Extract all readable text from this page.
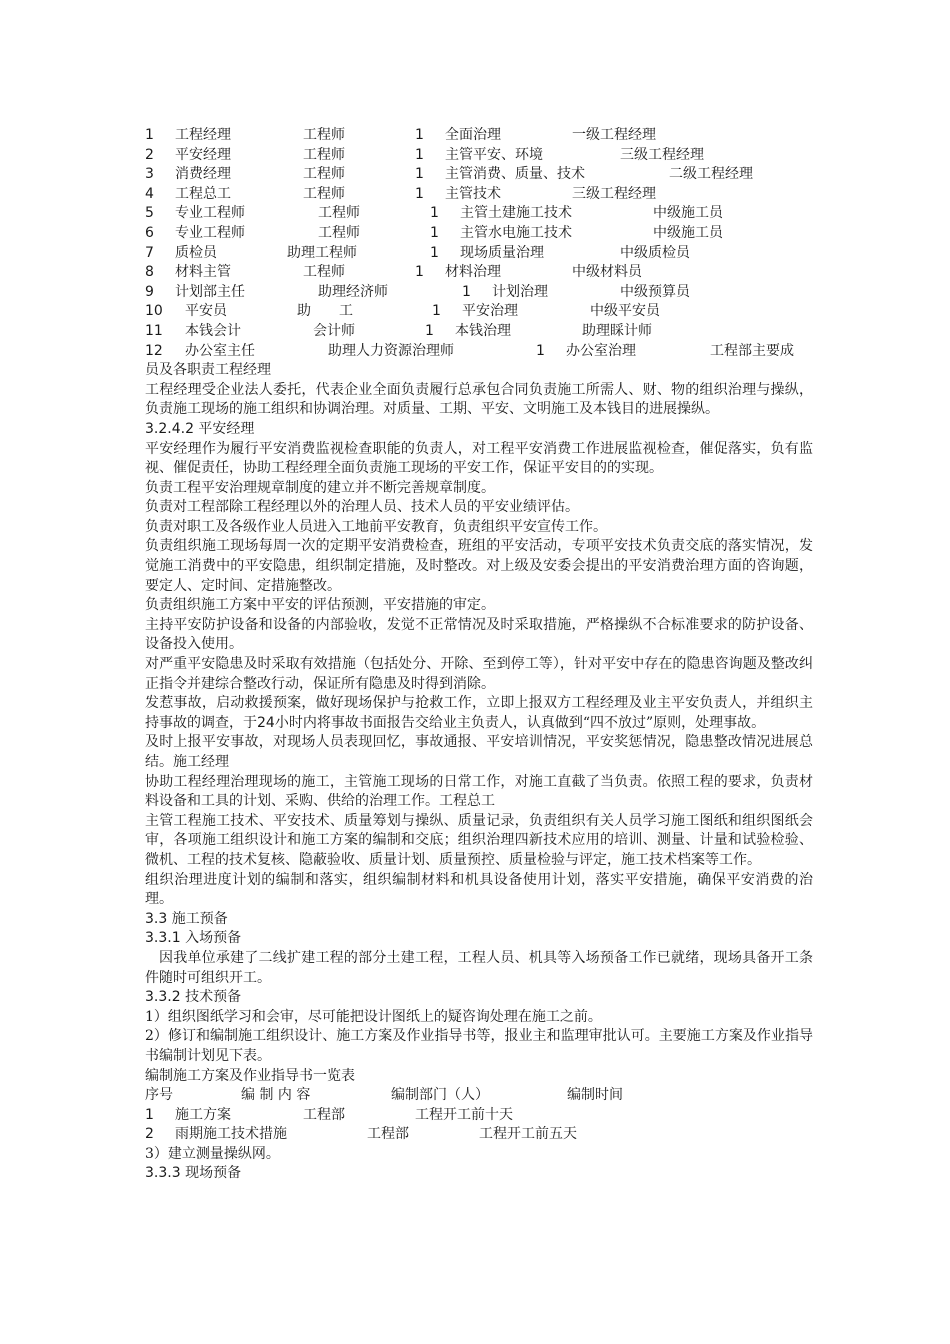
1	工程经理	工程师	1	全面治理	一级工程经理
2	平安经理	工程师	1	主管平安、环境	三级工程经理
3	消费经理	工程师	1	主管消费、质量、技术	二级工程经理
4	工程总工	工程师	1	主管技术	三级工程经理
5	专业工程师	工程师	1	主管土建施工技术	中级施工员
6	专业工程师	工程师	1	主管水电施工技术	中级施工员
7	质检员	助理工程师	1	现场质量治理	中级质检员
8	材料主管	工程师	1	材料治理	中级材料员
9	计划部主任	助理经济师	1	计划治理	中级预算员
10	平安员	助　　工	1	平安治理	中级平安员
11	本钱会计	会计师	1	本钱治理	助理睬计师
12	办公室主任	助理人力资源治理师	1	办公室治理	工程部主要成

员及各职责工程经理

工程经理受企业法人委托，代表企业全面负责履行总承包合同负责施工所需人、财、物的组织治理与操纵，负责施工现场的施工组织和协调治理。对质量、工期、平安、文明施工及本钱目的进展操纵。

3.2.4.2 平安经理

平安经理作为履行平安消费监视检查职能的负责人，对工程平安消费工作进展监视检查，催促落实，负有监视、催促责任，协助工程经理全面负责施工现场的平安工作，保证平安目的的实现。

负责工程平安治理规章制度的建立并不断完善规章制度。

负责对工程部除工程经理以外的治理人员、技术人员的平安业绩评估。

负责对职工及各级作业人员进入工地前平安教育，负责组织平安宣传工作。

负责组织施工现场每周一次的定期平安消费检查，班组的平安活动，专项平安技术负责交底的落实情况，发觉施工消费中的平安隐患，组织制定措施，及时整改。对上级及安委会提出的平安消费治理方面的咨询题，要定人、定时间、定措施整改。

负责组织施工方案中平安的评估预测，平安措施的审定。

主持平安防护设备和设备的内部验收，发觉不正常情况及时采取措施，严格操纵不合标准要求的防护设备、设备投入使用。

对严重平安隐患及时采取有效措施（包括处分、开除、至到停工等），针对平安中存在的隐患咨询题及整改纠正指令并建综合整改行动，保证所有隐患及时得到消除。

发惹事故，启动救援预案，做好现场保护与抢救工作，立即上报双方工程经理及业主平安负责人，并组织主持事故的调查，于24小时内将事故书面报告交给业主负责人，认真做到“四不放过”原则，处理事故。

及时上报平安事故，对现场人员表现回忆，事故通报、平安培训情况，平安奖惩情况，隐患整改情况进展总结。施工经理

协助工程经理治理现场的施工，主管施工现场的日常工作，对施工直截了当负责。依照工程的要求，负责材料设备和工具的计划、采购、供给的治理工作。工程总工

主管工程施工技术、平安技术、质量筹划与操纵、质量记录，负责组织有关人员学习施工图纸和组织图纸会审，各项施工组织设计和施工方案的编制和交底；组织治理四新技术应用的培训、测量、计量和试验检验、微机、工程的技术复核、隐蔽验收、质量计划、质量预控、质量检验与评定，施工技术档案等工作。

组织治理进度计划的编制和落实，组织编制材料和机具设备使用计划，落实平安措施，确保平安消费的治理。

3.3 施工预备

3.3.1 入场预备

因我单位承建了二线扩建工程的部分土建工程，工程人员、机具等入场预备工作已就绪，现场具备开工条件随时可组织开工。

3.3.2 技术预备

1）组织图纸学习和会审，尽可能把设计图纸上的疑咨询处理在施工之前。

2）修订和编制施工组织设计、施工方案及作业指导书等，报业主和监理审批认可。主要施工方案及作业指导书编制计划见下表。

编制施工方案及作业指导书一览表

序号	编 制 内 容	编制部门（人）	编制时间
1	施工方案	工程部	工程开工前十天
2	雨期施工技术措施	工程部	工程开工前五天

3）建立测量操纵网。

3.3.3 现场预备
